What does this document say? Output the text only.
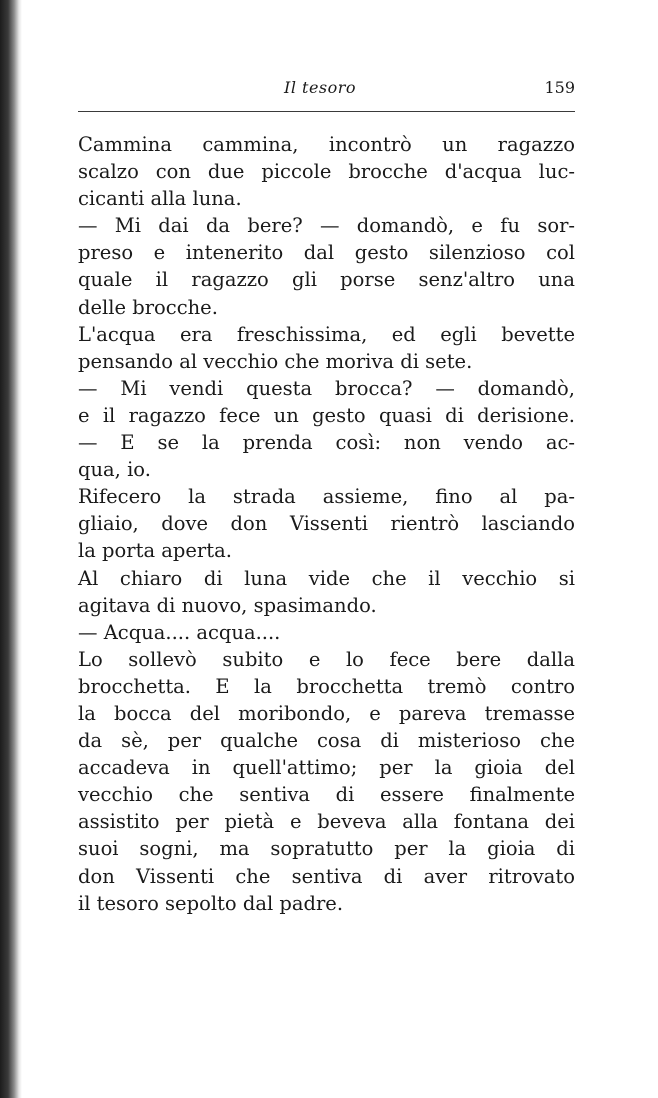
Il tesoro	159
Cammina cammina, incontrò un ragazzo
scalzo con due piccole brocche d'acqua luc-
cicanti alla luna.
— Mi dai da bere? — domandò, e fu sor-
preso e intenerito dal gesto silenzioso col
quale il ragazzo gli porse senz'altro una
delle brocche.
L'acqua era freschissima, ed egli bevette
pensando al vecchio che moriva di sete.
— Mi vendi questa brocca? — domandò,
e il ragazzo fece un gesto quasi di derisione.
— E se la prenda così: non vendo ac-
qua, io.
Rifecero la strada assieme, fino al pa-
gliaio, dove don Vissenti rientrò lasciando
la porta aperta.
Al chiaro di luna vide che il vecchio si
agitava di nuovo, spasimando.
— Acqua.... acqua....
Lo sollevò subito e lo fece bere dalla
brocchetta. E la brocchetta tremò contro
la bocca del moribondo, e pareva tremasse
da sè, per qualche cosa di misterioso che
accadeva in quell'attimo; per la gioia del
vecchio che sentiva di essere finalmente
assistito per pietà e beveva alla fontana dei
suoi sogni, ma sopratutto per la gioia di
don Vissenti che sentiva di aver ritrovato
il tesoro sepolto dal padre.
